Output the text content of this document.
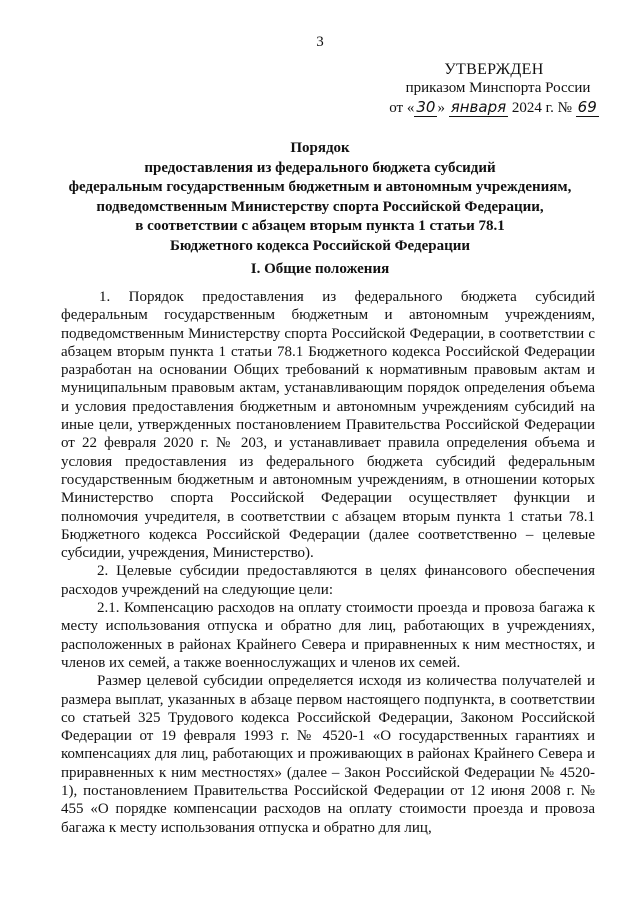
3
УТВЕРЖДЕН
приказом Минспорта России
от « 30 » января 2024 г. № 69
Порядок
предоставления из федерального бюджета субсидий
федеральным государственным бюджетным и автономным учреждениям,
подведомственным Министерству спорта Российской Федерации,
в соответствии с абзацем вторым пункта 1 статьи 78.1
Бюджетного кодекса Российской Федерации
I. Общие положения

1. Порядок предоставления из федерального бюджета субсидий федеральным государственным бюджетным и автономным учреждениям, подведомственным Министерству спорта Российской Федерации, в соответствии с абзацем вторым пункта 1 статьи 78.1 Бюджетного кодекса Российской Федерации разработан на основании Общих требований к нормативным правовым актам и муниципальным правовым актам, устанавливающим порядок определения объема и условия предоставления бюджетным и автономным учреждениям субсидий на иные цели, утвержденных постановлением Правительства Российской Федерации от 22 февраля 2020 г. № 203, и устанавливает правила определения объема и условия предоставления из федерального бюджета субсидий федеральным государственным бюджетным и автономным учреждениям, в отношении которых Министерство спорта Российской Федерации осуществляет функции и полномочия учредителя, в соответствии с абзацем вторым пункта 1 статьи 78.1 Бюджетного кодекса Российской Федерации (далее соответственно – целевые субсидии, учреждения, Министерство).

2. Целевые субсидии предоставляются в целях финансового обеспечения расходов учреждений на следующие цели:

2.1. Компенсацию расходов на оплату стоимости проезда и провоза багажа к месту использования отпуска и обратно для лиц, работающих в учреждениях, расположенных в районах Крайнего Севера и приравненных к ним местностях, и членов их семей, а также военнослужащих и членов их семей.

Размер целевой субсидии определяется исходя из количества получателей и размера выплат, указанных в абзаце первом настоящего подпункта, в соответствии со статьей 325 Трудового кодекса Российской Федерации, Законом Российской Федерации от 19 февраля 1993 г. № 4520-1 «О государственных гарантиях и компенсациях для лиц, работающих и проживающих в районах Крайнего Севера и приравненных к ним местностях» (далее – Закон Российской Федерации № 4520-1), постановлением Правительства Российской Федерации от 12 июня 2008 г. № 455 «О порядке компенсации расходов на оплату стоимости проезда и провоза багажа к месту использования отпуска и обратно для лиц,
